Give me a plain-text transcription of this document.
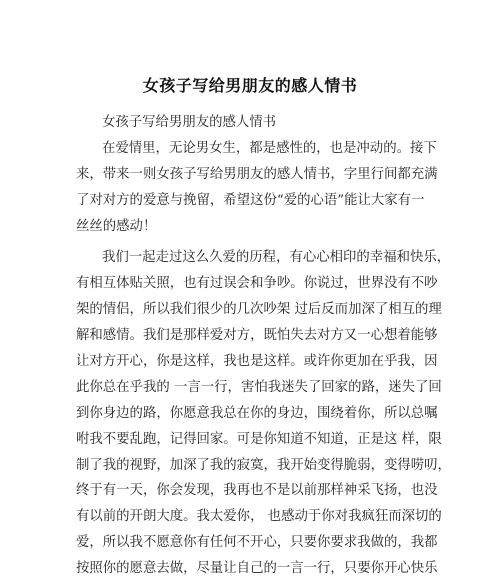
女孩子写给男朋友的感人情书
女孩子写给男朋友的感人情书
在爱情里，无论男女生，都是感性的，也是冲动的。接下
来，带来一则女孩子写给男朋友的感人情书，字里行间都充满
了对对方的爱意与挽留，希望这份“爱的心语”能让大家有一
丝丝的感动！
我们一起走过这么久爱的历程，有心心相印的幸福和快乐，
有相互体贴关照，也有过误会和争吵。你说过，世界没有不吵
架的情侣，所以我们很少的几次吵架 过后反而加深了相互的理
解和感情。我们是那样爱对方，既怕失去对方又一心想着能够
让对方开心，你是这样，我也是这样。或许你更加在乎我，因
此你总在乎我的 一言一行，害怕我迷失了回家的路，迷失了回
到你身边的路，你愿意我总在你的身边，围绕着你，所以总嘱
咐我不要乱跑，记得回家。可是你知道不知道，正是这 样，限
制了我的视野，加深了我的寂寞，我开始变得脆弱，变得唠叨，
终于有一天，你会发现，我再也不是以前那样神采飞扬，也没
有以前的开朗大度。我太爱你， 也感动于你对我疯狂而深切的
爱，所以我不愿意你有任何不开心，只要你要求我做的，我都
按照你的愿意去做，尽量让自己的一言一行，只要你开心快乐
